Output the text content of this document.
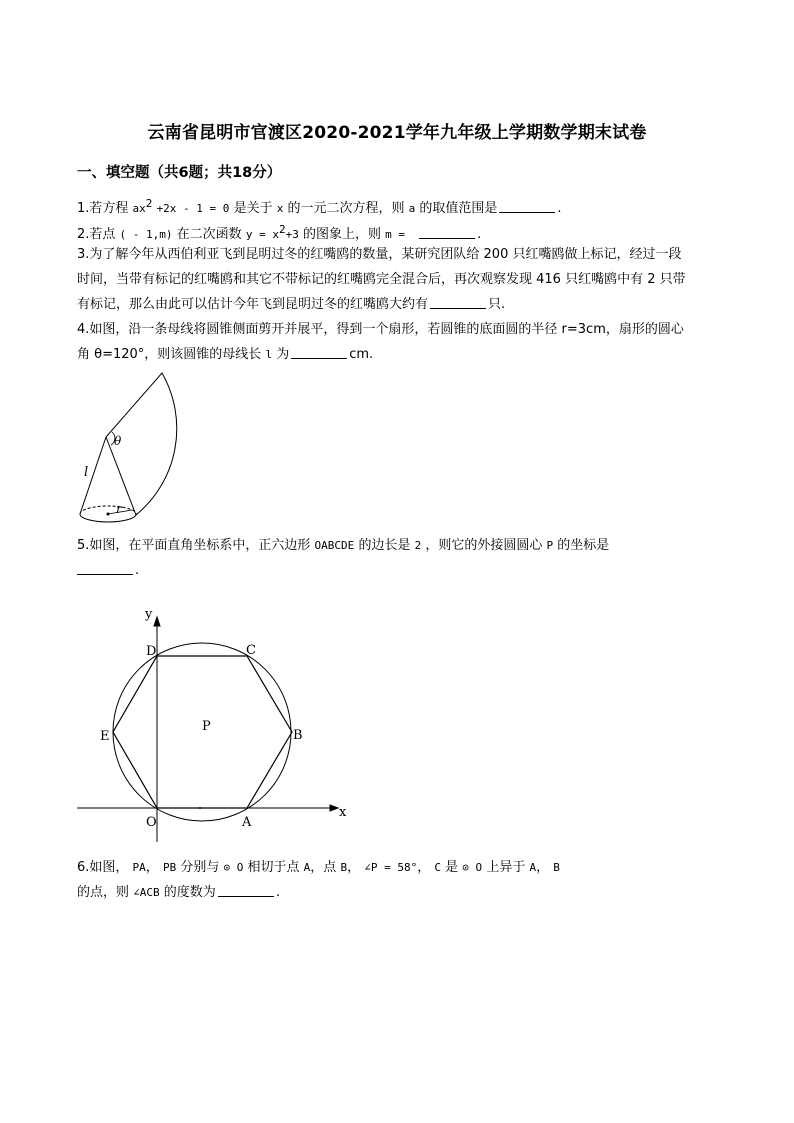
云南省昆明市官渡区2020-2021学年九年级上学期数学期末试卷
一、填空题（共6题；共18分）
1.若方程 $ax^2 +2x - 1 = 0$ 是关于 x 的一元二次方程，则 a 的取值范围是	.
2.若点 ( - 1,m) 在二次函数 $y = x^2+3$ 的图象上，则 m =	.
3.为了解今年从西伯利亚飞到昆明过冬的红嘴鸥的数量，某研究团队给 200 只红嘴鸥做上标记，经过一段
时间，当带有标记的红嘴鸥和其它不带标记的红嘴鸥完全混合后，再次观察发现 416 只红嘴鸥中有 2 只带
有标记，那么由此可以估计今年飞到昆明过冬的红嘴鸥大约有	只.
4.如图，沿一条母线将圆锥侧面剪开并展平，得到一个扇形，若圆锥的底面圆的半径 r=3cm，扇形的圆心
角 θ=120°，则该圆锥的母线长 l 为	cm.
θ
l
r
5.如图，在平面直角坐标系中，正六边形 OABCDE 的边长是 2 ，则它的外接圆圆心 P 的坐标是
.
y
x
O	A
B
C
D
E
P
6.如图， PA， PB 分别与 ⊙ O 相切于点 A，点 B， ∠P = 58°， C 是 ⊙ O 上异于 A， B
的点，则 ∠ACB 的度数为	.
